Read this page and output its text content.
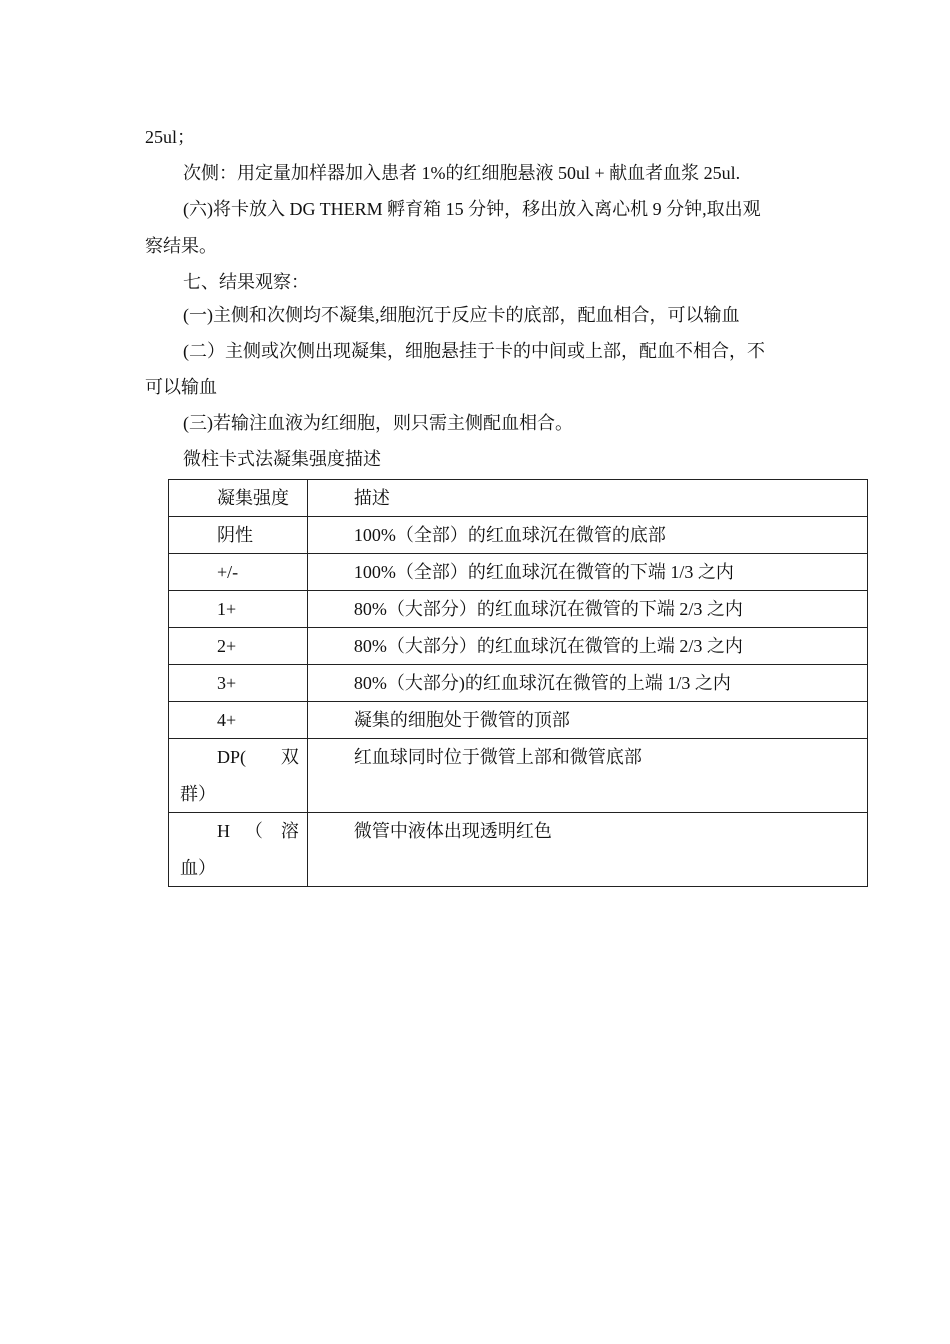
25ul；
次侧：用定量加样器加入患者 1%的红细胞悬液 50ul + 献血者血浆 25ul.
(六)将卡放入 DG THERM 孵育箱 15 分钟，移出放入离心机 9 分钟,取出观
察结果。
七、结果观察：
(一)主侧和次侧均不凝集,细胞沉于反应卡的底部，配血相合，可以输血
(二）主侧或次侧出现凝集，细胞悬挂于卡的中间或上部，配血不相合，不
可以输血
(三)若输注血液为红细胞，则只需主侧配血相合。
微柱卡式法凝集强度描述
凝集强度	描述

阴性	100%（全部）的红血球沉在微管的底部

+/-	100%（全部）的红血球沉在微管的下端 1/3 之内

1+	80%（大部分）的红血球沉在微管的下端 2/3 之内

2+	80%（大部分）的红血球沉在微管的上端 2/3 之内

3+	80%（大部分)的红血球沉在微管的上端 1/3 之内

4+	凝集的细胞处于微管的顶部

DP( 双
群）	红血球同时位于微管上部和微管底部

H （　溶
血）	微管中液体出现透明红色
